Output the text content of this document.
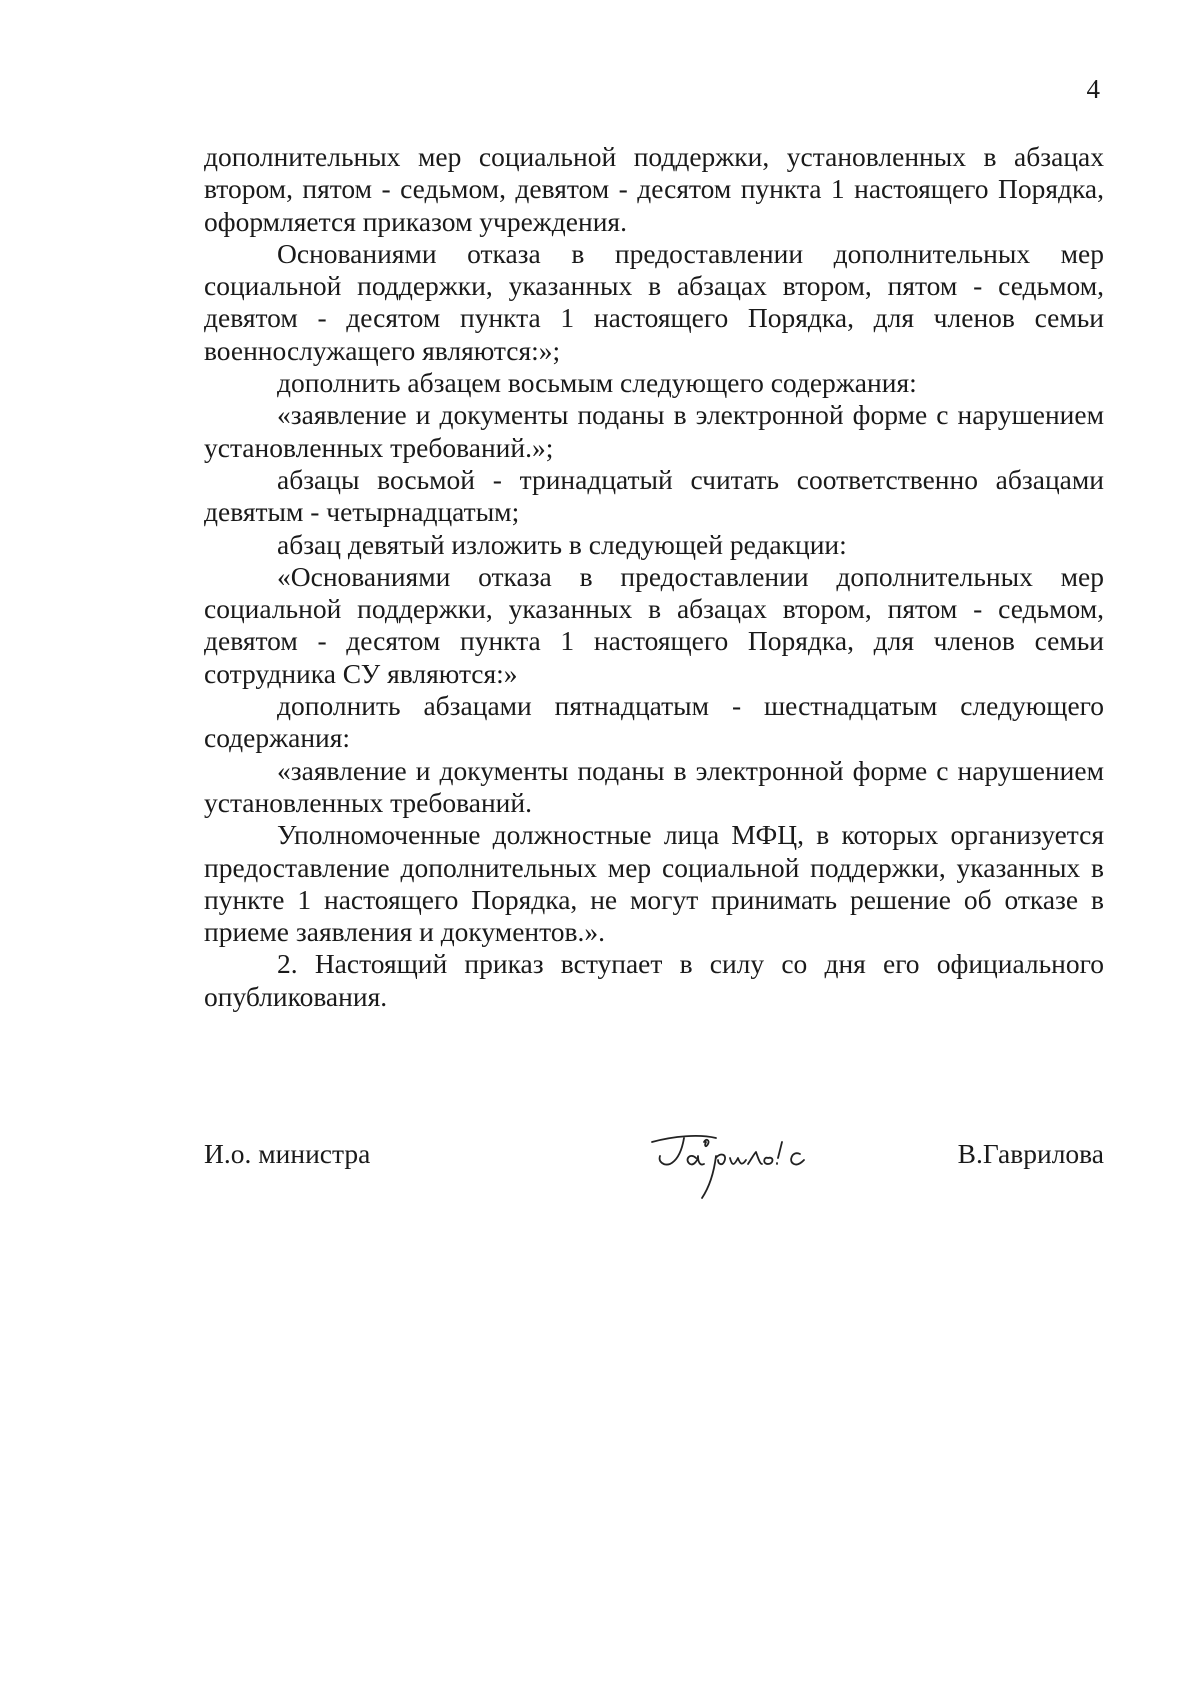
4

дополнительных мер социальной поддержки, установленных в абзацах втором, пятом - седьмом, девятом - десятом пункта 1 настоящего Порядка, оформляется приказом учреждения.

Основаниями отказа в предоставлении дополнительных мер социальной поддержки, указанных в абзацах втором, пятом - седьмом, девятом - десятом пункта 1 настоящего Порядка, для членов семьи военнослужащего являются:»;

дополнить абзацем восьмым следующего содержания:

«заявление и документы поданы в электронной форме с нарушением установленных требований.»;

абзацы восьмой - тринадцатый считать соответственно абзацами девятым - четырнадцатым;

абзац девятый изложить в следующей редакции:

«Основаниями отказа в предоставлении дополнительных мер социальной поддержки, указанных в абзацах втором, пятом - седьмом, девятом - десятом пункта 1 настоящего Порядка, для членов семьи сотрудника СУ являются:»

дополнить абзацами пятнадцатым - шестнадцатым следующего содержания:

«заявление и документы поданы в электронной форме с нарушением установленных требований.

Уполномоченные должностные лица МФЦ, в которых организуется предоставление дополнительных мер социальной поддержки, указанных в пункте 1 настоящего Порядка, не могут принимать решение об отказе в приеме заявления и документов.».

2. Настоящий приказ вступает в силу со дня его официального опубликования.

И.о. министра	В.Гаврилова
